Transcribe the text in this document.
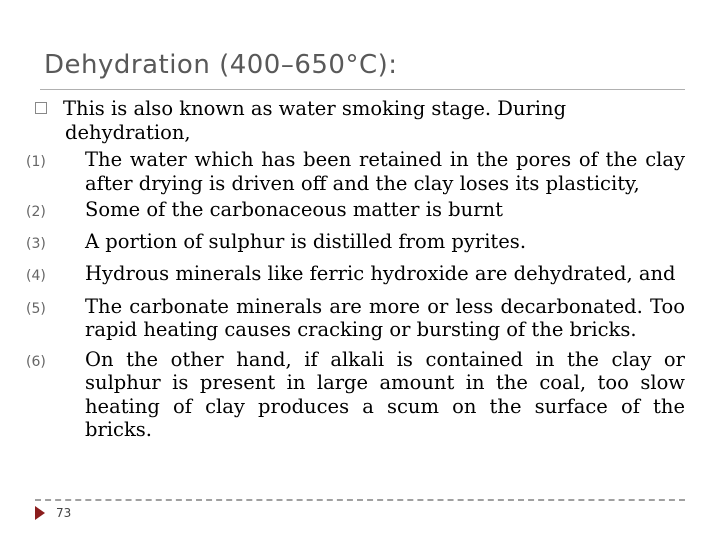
Dehydration (400–650°C):
This is also known as water smoking stage. During
dehydration,
(1)	The water which has been retained in the pores of the clay after drying is driven off and the clay loses its plasticity,
(2)	Some of the carbonaceous matter is burnt
(3)	A portion of sulphur is distilled from pyrites.
(4)	Hydrous minerals like ferric hydroxide are dehydrated, and
(5)	The carbonate minerals are more or less decarbonated. Too rapid heating causes cracking or bursting of the bricks.
(6)	On the other hand, if alkali is contained in the clay or sulphur is present in large amount in the coal, too slow heating of clay produces a scum on the surface of the bricks.
73
